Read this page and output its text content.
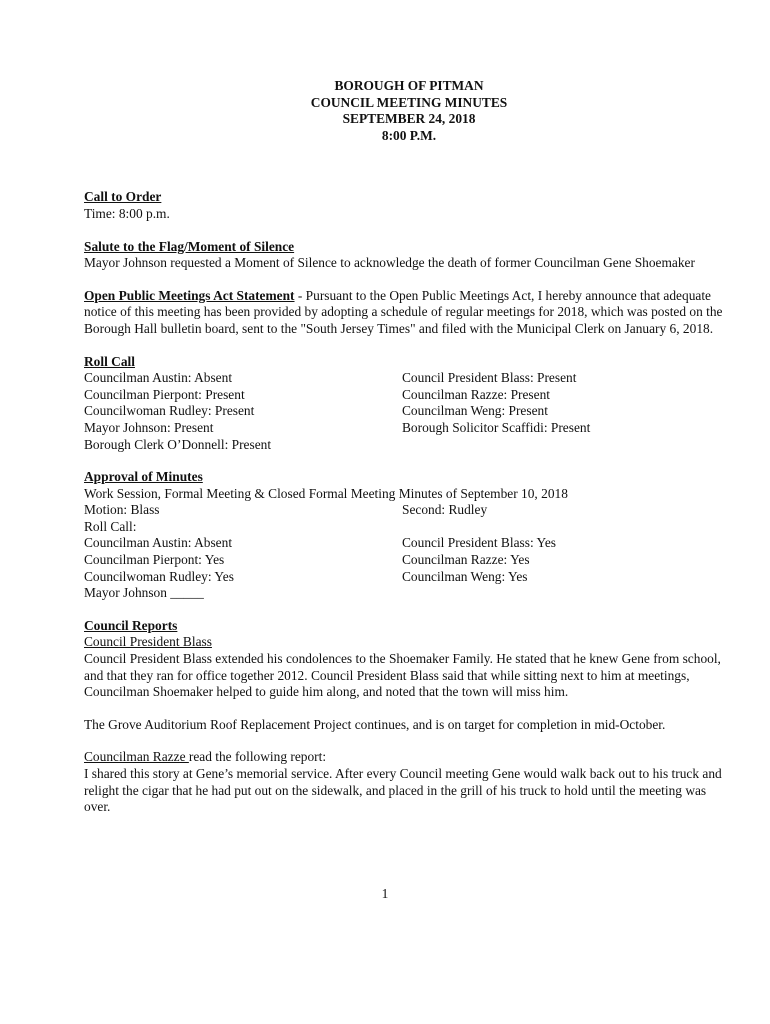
BOROUGH OF PITMAN
COUNCIL MEETING MINUTES
SEPTEMBER 24, 2018
8:00 P.M.
Call to Order
Time: 8:00 p.m.
Salute to the Flag/Moment of Silence
Mayor Johnson requested a Moment of Silence to acknowledge the death of former Councilman Gene Shoemaker

Open Public Meetings Act Statement - Pursuant to the Open Public Meetings Act, I hereby announce that adequate notice of this meeting has been provided by adopting a schedule of regular meetings for 2018, which was posted on the Borough Hall bulletin board, sent to the "South Jersey Times" and filed with the Municipal Clerk on January 6, 2018.

Roll Call
Councilman Austin: Absent
Councilman Pierpont: Present
Councilwoman Rudley: Present
Mayor Johnson: Present
Borough Clerk O’Donnell: Present
Council President Blass: Present
Councilman Razze: Present
Councilman Weng: Present
Borough Solicitor Scaffidi: Present
Approval of Minutes
Work Session, Formal Meeting & Closed Formal Meeting Minutes of September 10, 2018
Motion: Blass	Second: Rudley
Roll Call:
Councilman Austin: Absent
Councilman Pierpont: Yes
Councilwoman Rudley: Yes
Mayor Johnson _____
Council President Blass: Yes
Councilman Razze: Yes
Councilman Weng: Yes
Council Reports
Council President Blass

Council President Blass extended his condolences to the Shoemaker Family. He stated that he knew Gene from school, and that they ran for office together 2012. Council President Blass said that while sitting next to him at meetings, Councilman Shoemaker helped to guide him along, and noted that the town will miss him.

The Grove Auditorium Roof Replacement Project continues, and is on target for completion in mid-October.

Councilman Razze read the following report:

I shared this story at Gene’s memorial service. After every Council meeting Gene would walk back out to his truck and relight the cigar that he had put out on the sidewalk, and placed in the grill of his truck to hold until the meeting was over.

1
